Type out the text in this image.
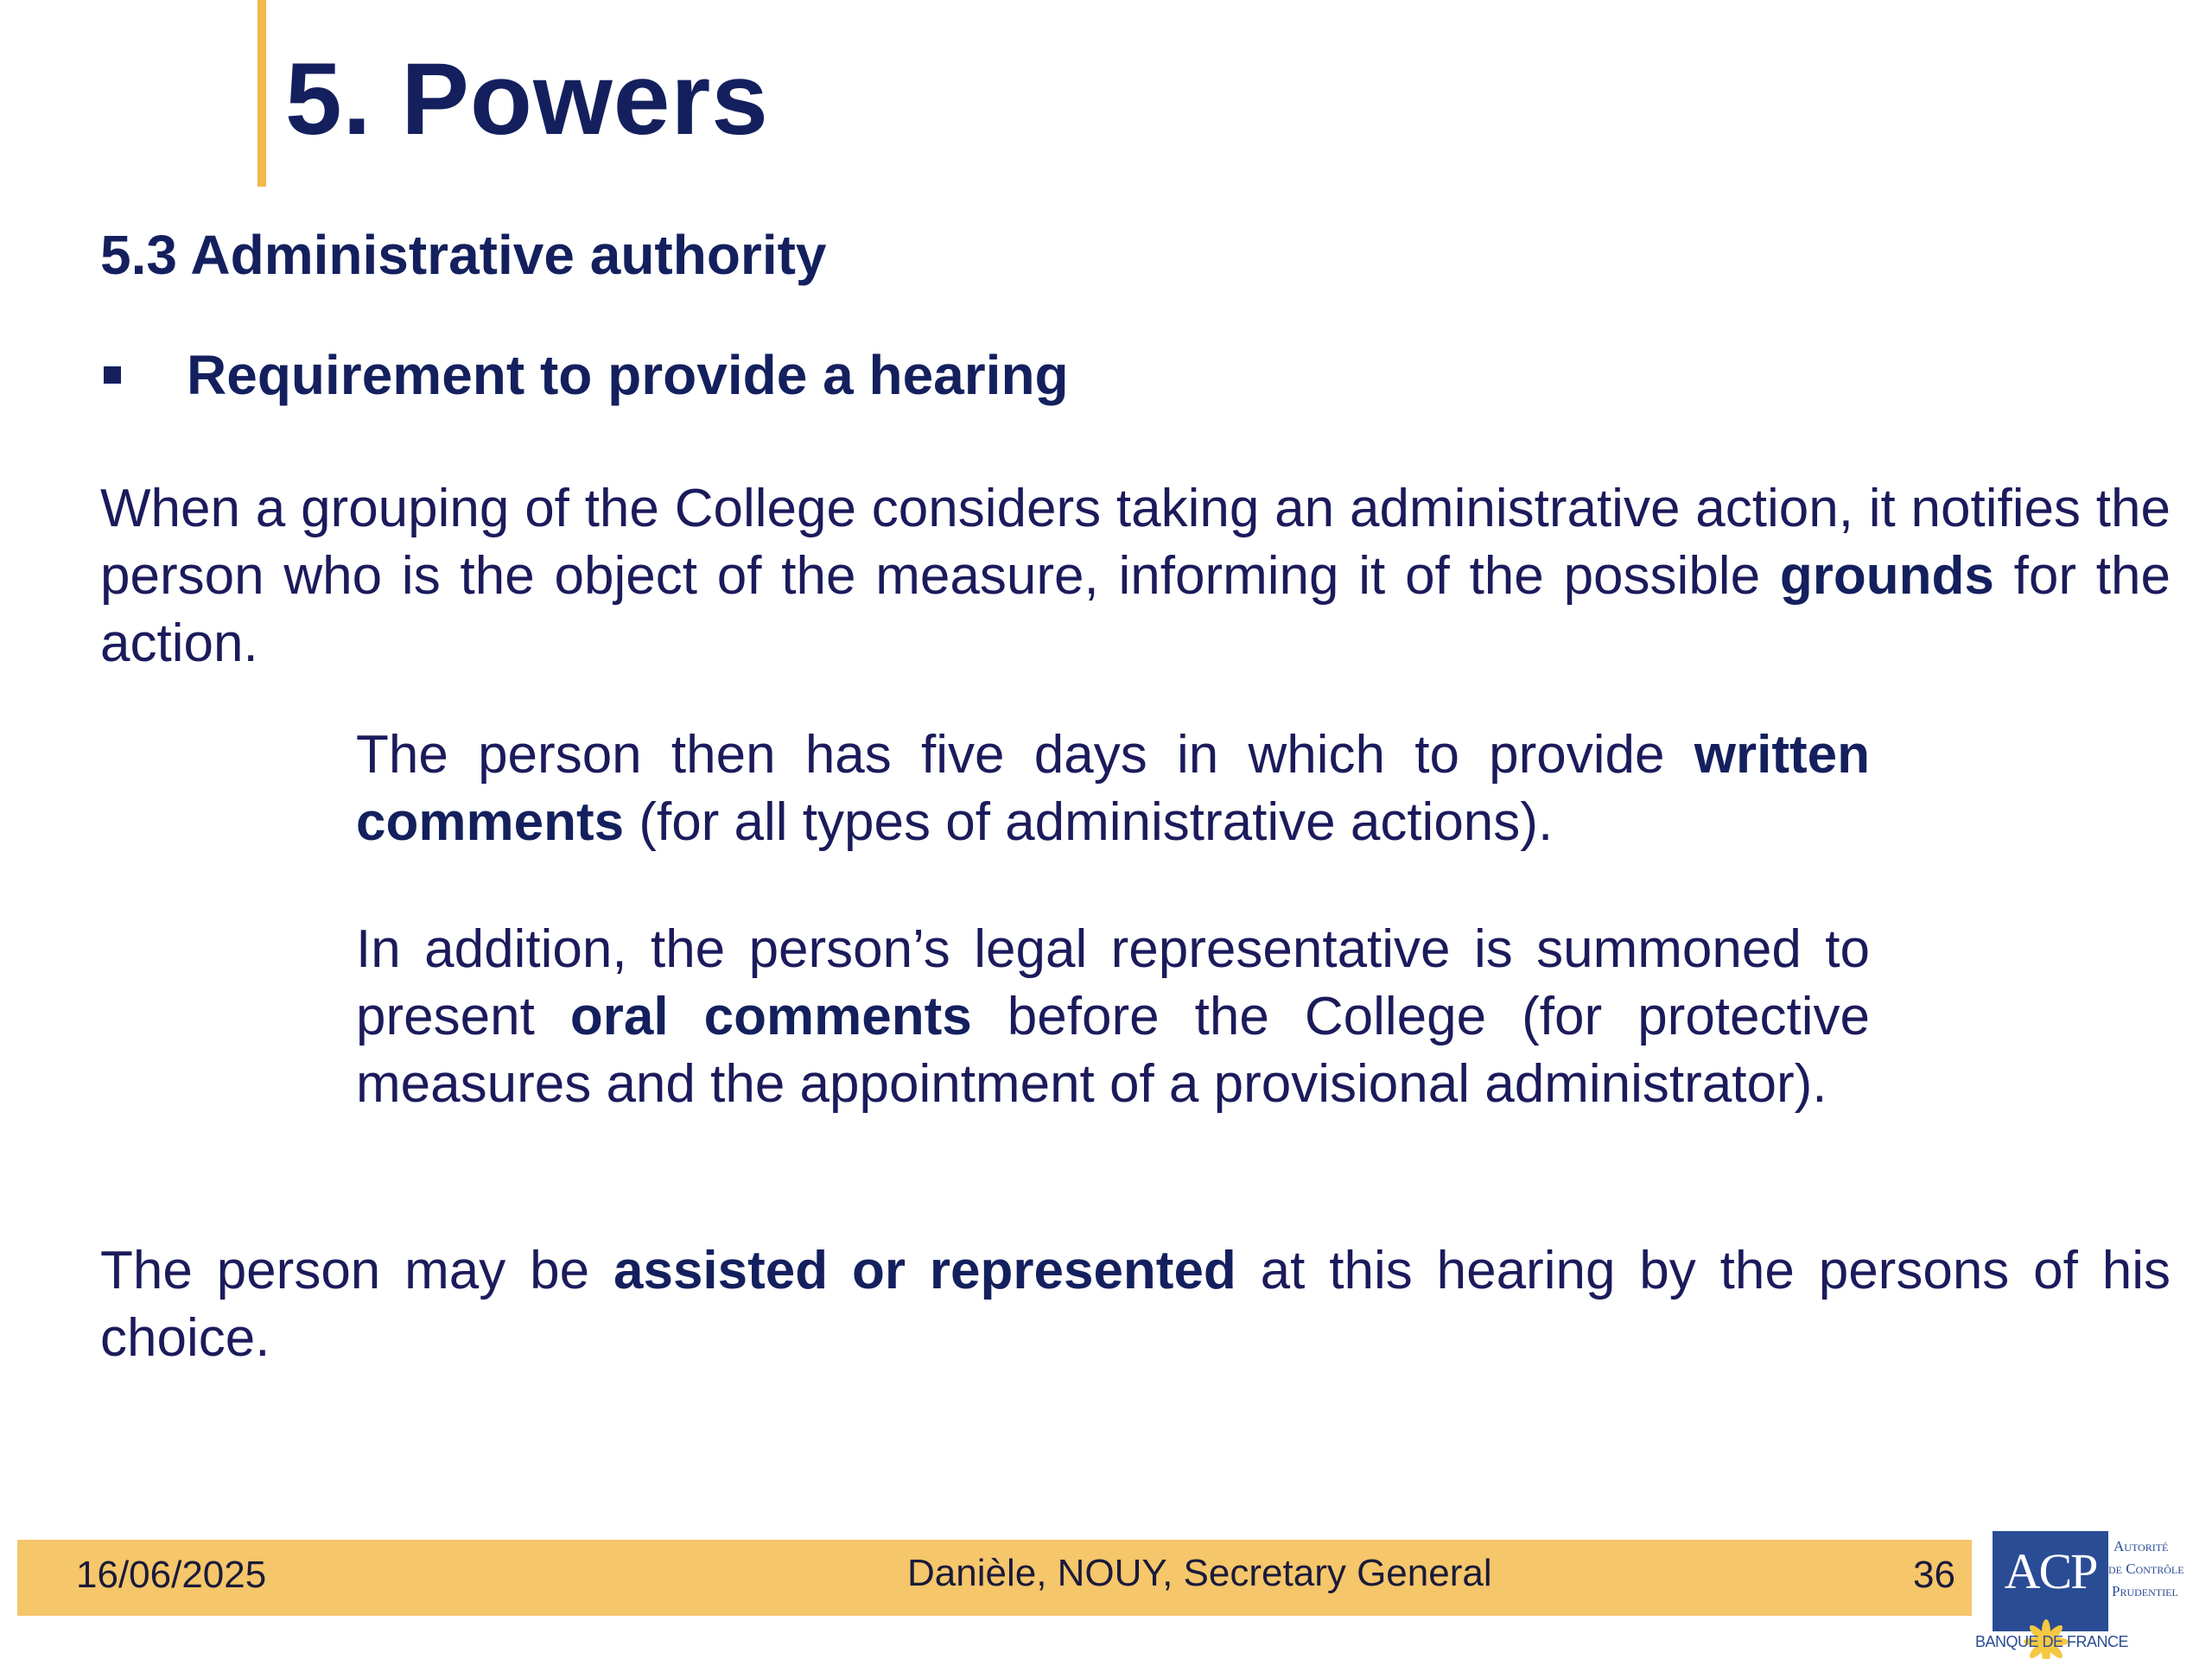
5. Powers
5.3 Administrative authority
Requirement to provide a hearing

When a grouping of the College considers taking an administrative action, it notifies the person who is the object of the measure, informing it of the possible grounds for the action.

The person then has five days in which to provide written comments (for all types of administrative actions).

In addition, the person’s legal representative is summoned to present oral comments before the College (for protective measures and the appointment of a provisional administrator).

The person may be assisted or represented at this hearing by the persons of his choice.

16/06/2025	Danièle, NOUY, Secretary General	36 ACP	Autorité
de Contrôle
Prudentiel
BANQUE DE FRANCE
